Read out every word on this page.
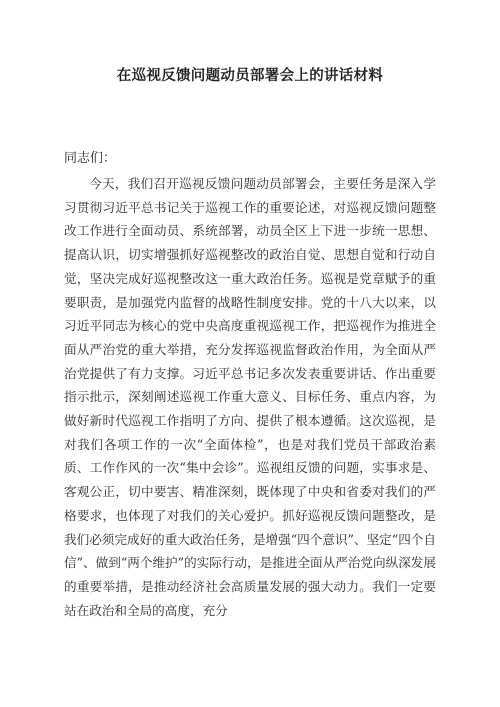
在巡视反馈问题动员部署会上的讲话材料
同志们：

今天，我们召开巡视反馈问题动员部署会，主要任务是深入学习贯彻习近平总书记关于巡视工作的重要论述，对巡视反馈问题整改工作进行全面动员、系统部署，动员全区上下进一步统一思想、提高认识，切实增强抓好巡视整改的政治自觉、思想自觉和行动自觉，坚决完成好巡视整改这一重大政治任务。巡视是党章赋予的重要职责，是加强党内监督的战略性制度安排。党的十八大以来，以习近平同志为核心的党中央高度重视巡视工作，把巡视作为推进全面从严治党的重大举措，充分发挥巡视监督政治作用，为全面从严治党提供了有力支撑。习近平总书记多次发表重要讲话、作出重要指示批示，深刻阐述巡视工作重大意义、目标任务、重点内容，为做好新时代巡视工作指明了方向、提供了根本遵循。这次巡视，是对我们各项工作的一次“全面体检”，也是对我们党员干部政治素质、工作作风的一次“集中会诊”。巡视组反馈的问题，实事求是、客观公正，切中要害、精准深刻，既体现了中央和省委对我们的严格要求，也体现了对我们的关心爱护。抓好巡视反馈问题整改，是我们必须完成好的重大政治任务，是增强“四个意识”、坚定“四个自信”、做到“两个维护”的实际行动，是推进全面从严治党向纵深发展的重要举措，是推动经济社会高质量发展的强大动力。我们一定要站在政治和全局的高度，充分
